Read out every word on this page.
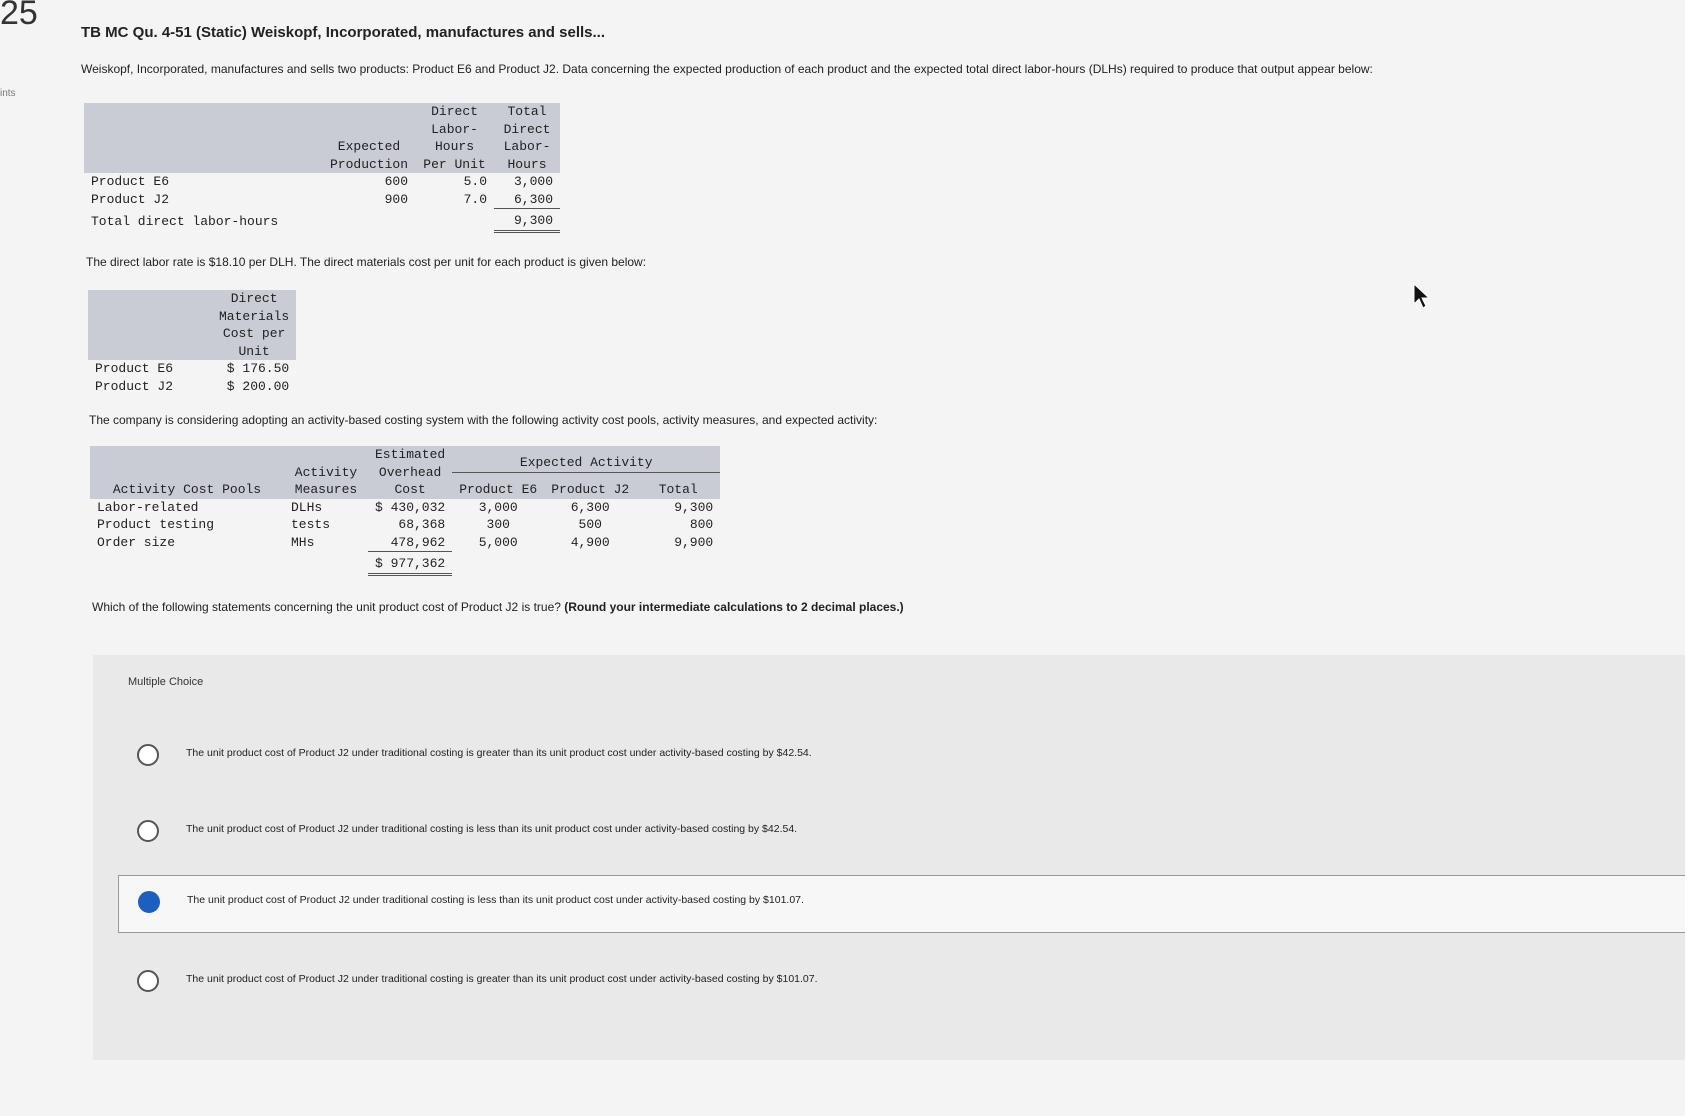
25
ints
TB MC Qu. 4-51 (Static) Weiskopf, Incorporated, manufactures and sells...
Weiskopf, Incorporated, manufactures and sells two products: Product E6 and Product J2. Data concerning the expected production of each product and the expected total direct labor-hours (DLHs) required to produce that output appear below:
	Expected Production	Direct Labor-Hours Per Unit	Total Direct Labor-Hours
Product E6	600	5.0	3,000
Product J2	900	7.0	6,300
Total direct labor-hours			9,300
The direct labor rate is $18.10 per DLH. The direct materials cost per unit for each product is given below:
	Direct Materials Cost per Unit
Product E6	$ 176.50
Product J2	$ 200.00
The company is considering adopting an activity-based costing system with the following activity cost pools, activity measures, and expected activity:
Activity Cost Pools	Activity Measures	Estimated Overhead Cost	Expected Activity		
			Product E6	Product J2	Total
Labor-related	DLHs	$ 430,032	3,000	6,300	9,300
Product testing	tests	68,368	300	500	800
Order size	MHs	478,962	5,000	4,900	9,900
		$ 977,362			
Which of the following statements concerning the unit product cost of Product J2 is true? (Round your intermediate calculations to 2 decimal places.)
Multiple Choice
The unit product cost of Product J2 under traditional costing is greater than its unit product cost under activity-based costing by $42.54.
The unit product cost of Product J2 under traditional costing is less than its unit product cost under activity-based costing by $42.54.
The unit product cost of Product J2 under traditional costing is less than its unit product cost under activity-based costing by $101.07.
The unit product cost of Product J2 under traditional costing is greater than its unit product cost under activity-based costing by $101.07.
